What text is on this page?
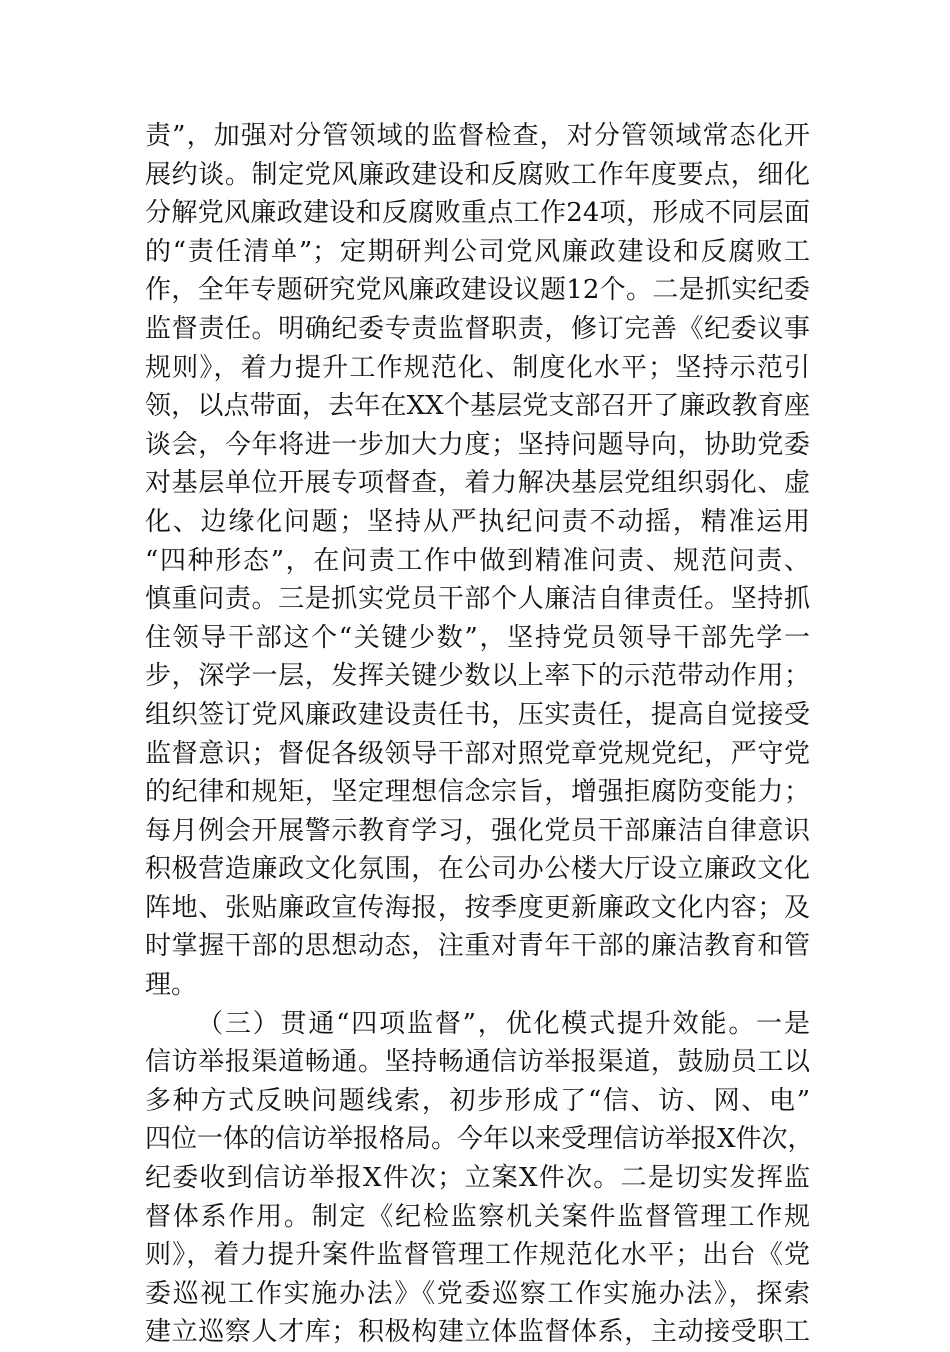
责”，加强对分管领域的监督检查，对分管领域常态化开
展约谈。制定党风廉政建设和反腐败工作年度要点，细化
分解党风廉政建设和反腐败重点工作24项，形成不同层面
的“责任清单”；定期研判公司党风廉政建设和反腐败工
作，全年专题研究党风廉政建设议题12个。二是抓实纪委
监督责任。明确纪委专责监督职责，修订完善《纪委议事
规则》，着力提升工作规范化、制度化水平；坚持示范引
领，以点带面，去年在XX个基层党支部召开了廉政教育座
谈会，今年将进一步加大力度；坚持问题导向，协助党委
对基层单位开展专项督查，着力解决基层党组织弱化、虚
化、边缘化问题；坚持从严执纪问责不动摇，精准运用
“四种形态”，在问责工作中做到精准问责、规范问责、
慎重问责。三是抓实党员干部个人廉洁自律责任。坚持抓
住领导干部这个“关键少数”，坚持党员领导干部先学一
步，深学一层，发挥关键少数以上率下的示范带动作用；
组织签订党风廉政建设责任书，压实责任，提高自觉接受
监督意识；督促各级领导干部对照党章党规党纪，严守党
的纪律和规矩，坚定理想信念宗旨，增强拒腐防变能力；
每月例会开展警示教育学习，强化党员干部廉洁自律意识
积极营造廉政文化氛围，在公司办公楼大厅设立廉政文化
阵地、张贴廉政宣传海报，按季度更新廉政文化内容；及
时掌握干部的思想动态，注重对青年干部的廉洁教育和管
理。
（三）贯通“四项监督”，优化模式提升效能。一是
信访举报渠道畅通。坚持畅通信访举报渠道，鼓励员工以
多种方式反映问题线索，初步形成了“信、访、网、电”
四位一体的信访举报格局。今年以来受理信访举报X件次，
纪委收到信访举报X件次；立案X件次。二是切实发挥监
督体系作用。制定《纪检监察机关案件监督管理工作规
则》，着力提升案件监督管理工作规范化水平；出台《党
委巡视工作实施办法》《党委巡察工作实施办法》，探索
建立巡察人才库；积极构建立体监督体系，主动接受职工
